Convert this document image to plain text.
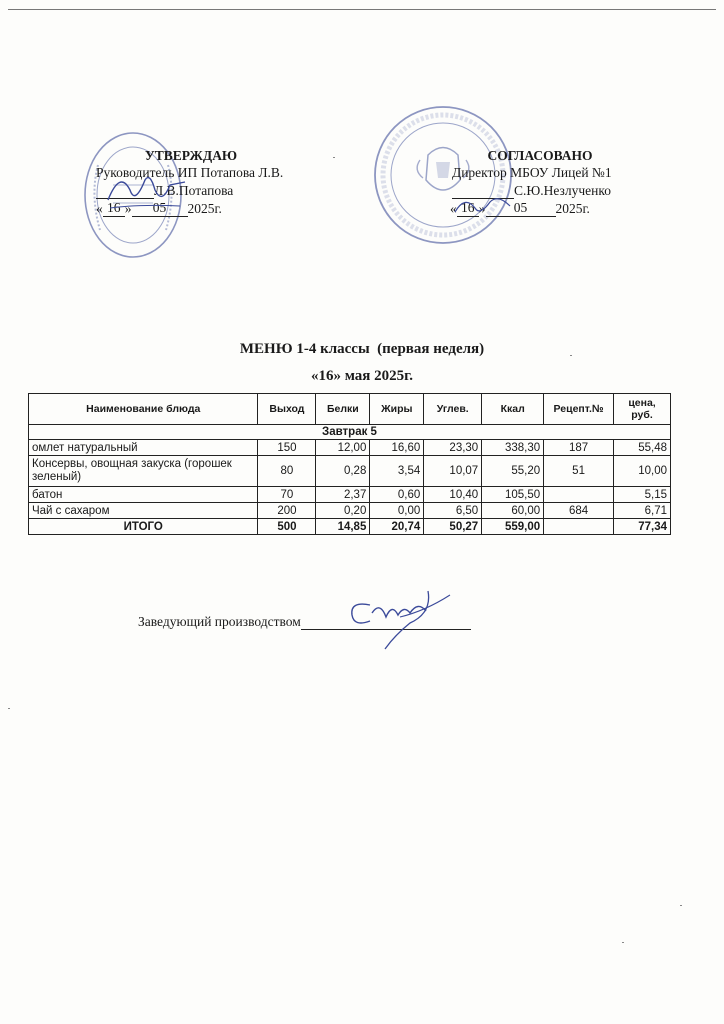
УТВЕРЖДАЮ
Руководитель ИП Потапова Л.В.
Л.В.Потапова
« 16 » 05 2025г.
СОГЛАСОВАНО
Директор МБОУ Лицей №1
С.Ю.Незлученко
« 16 » 05 2025г.
МЕНЮ 1-4 классы  (первая неделя)
«16» мая 2025г.
Наименование блюда	Выход	Белки	Жиры	Углев.	Ккал	Рецепт.№	цена, руб.
Завтрак 5							
омлет натуральный	150	12,00	16,60	23,30	338,30	187	55,48
Консервы, овощная закуска (горошек зеленый)	80	0,28	3,54	10,07	55,20	51	10,00
батон	70	2,37	0,60	10,40	105,50		5,15
Чай с сахаром	200	0,20	0,00	6,50	60,00	684	6,71
ИТОГО	500	14,85	20,74	50,27	559,00		77,34
Заведующий производством
